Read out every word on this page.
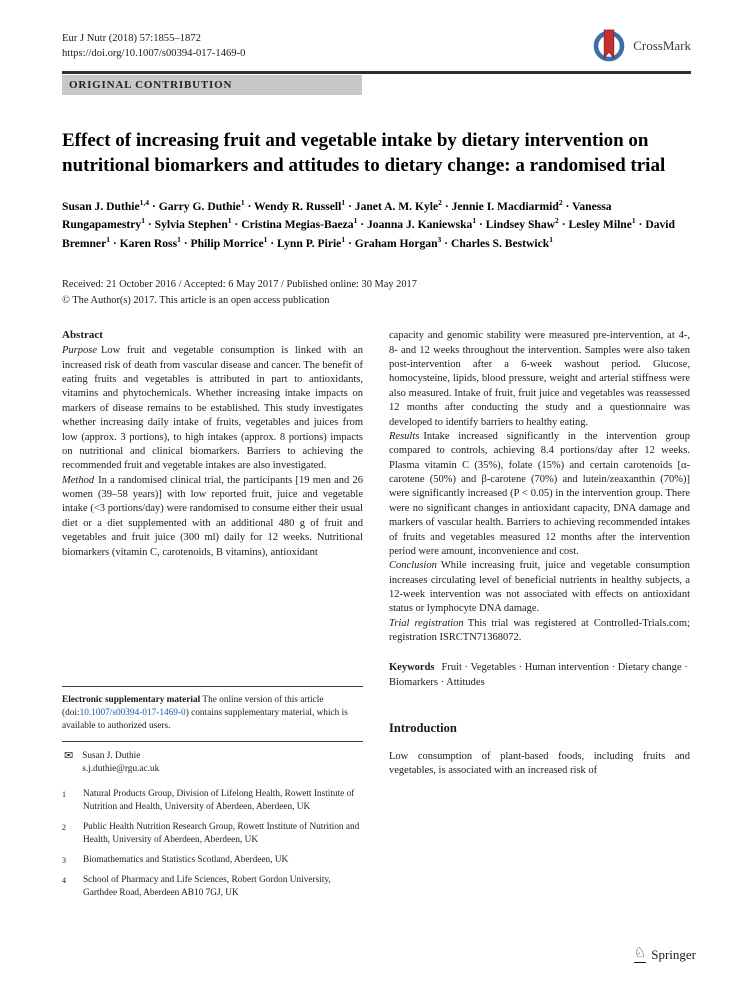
Eur J Nutr (2018) 57:1855–1872
https://doi.org/10.1007/s00394-017-1469-0
CrossMark
ORIGINAL CONTRIBUTION
Effect of increasing fruit and vegetable intake by dietary intervention on nutritional biomarkers and attitudes to dietary change: a randomised trial
Susan J. Duthie$^{1,4}$ · Garry G. Duthie$^1$ · Wendy R. Russell$^1$ · Janet A. M. Kyle$^2$ · Jennie I. Macdiarmid$^2$ · Vanessa Rungapamestry$^1$ · Sylvia Stephen$^1$ · Cristina Megias-Baeza$^1$ · Joanna J. Kaniewska$^1$ · Lindsey Shaw$^2$ · Lesley Milne$^1$ · David Bremner$^1$ · Karen Ross$^1$ · Philip Morrice$^1$ · Lynn P. Pirie$^1$ · Graham Horgan$^3$ · Charles S. Bestwick$^1$
Received: 21 October 2016 / Accepted: 6 May 2017 / Published online: 30 May 2017
© The Author(s) 2017. This article is an open access publication
Abstract

Purpose Low fruit and vegetable consumption is linked with an increased risk of death from vascular disease and cancer. The benefit of eating fruits and vegetables is attributed in part to antioxidants, vitamins and phytochemicals. Whether increasing intake impacts on markers of disease remains to be established. This study investigates whether increasing daily intake of fruits, vegetables and juices from low (approx. 3 portions), to high intakes (approx. 8 portions) impacts on nutritional and clinical biomarkers. Barriers to achieving the recommended fruit and vegetable intakes are also investigated.

Method In a randomised clinical trial, the participants [19 men and 26 women (39–58 years)] with low reported fruit, juice and vegetable intake (<3 portions/day) were randomised to consume either their usual diet or a diet supplemented with an additional 480 g of fruit and vegetables and fruit juice (300 ml) daily for 12 weeks. Nutritional biomarkers (vitamin C, carotenoids, B vitamins), antioxidant

Electronic supplementary material The online version of this article (doi:10.1007/s00394-017-1469-0) contains supplementary material, which is available to authorized users.
✉ Susan J. Duthie
s.j.duthie@rgu.ac.uk
1	Natural Products Group, Division of Lifelong Health, Rowett Institute of Nutrition and Health, University of Aberdeen, Aberdeen, UK
2	Public Health Nutrition Research Group, Rowett Institute of Nutrition and Health, University of Aberdeen, Aberdeen, UK
3	Biomathematics and Statistics Scotland, Aberdeen, UK
4	School of Pharmacy and Life Sciences, Robert Gordon University, Garthdee Road, Aberdeen AB10 7GJ, UK

capacity and genomic stability were measured pre-intervention, at 4-, 8- and 12 weeks throughout the intervention. Samples were also taken post-intervention after a 6-week washout period. Glucose, homocysteine, lipids, blood pressure, weight and arterial stiffness were also measured. Intake of fruit, fruit juice and vegetables was reassessed 12 months after conducting the study and a questionnaire was developed to identify barriers to healthy eating.

Results Intake increased significantly in the intervention group compared to controls, achieving 8.4 portions/day after 12 weeks. Plasma vitamin C (35%), folate (15%) and certain carotenoids [α-carotene (50%) and β-carotene (70%) and lutein/zeaxanthin (70%)] were significantly increased (P < 0.05) in the intervention group. There were no significant changes in antioxidant capacity, DNA damage and markers of vascular health. Barriers to achieving recommended intakes of fruits and vegetables measured 12 months after the intervention period were amount, inconvenience and cost.

Conclusion While increasing fruit, juice and vegetable consumption increases circulating level of beneficial nutrients in healthy subjects, a 12-week intervention was not associated with effects on antioxidant status or lymphocyte DNA damage.

Trial registration This trial was registered at Controlled-Trials.com; registration ISRCTN71368072.

Keywords Fruit · Vegetables · Human intervention · Dietary change · Biomarkers · Attitudes

Introduction

Low consumption of plant-based foods, including fruits and vegetables, is associated with an increased risk of

♘ Springer
